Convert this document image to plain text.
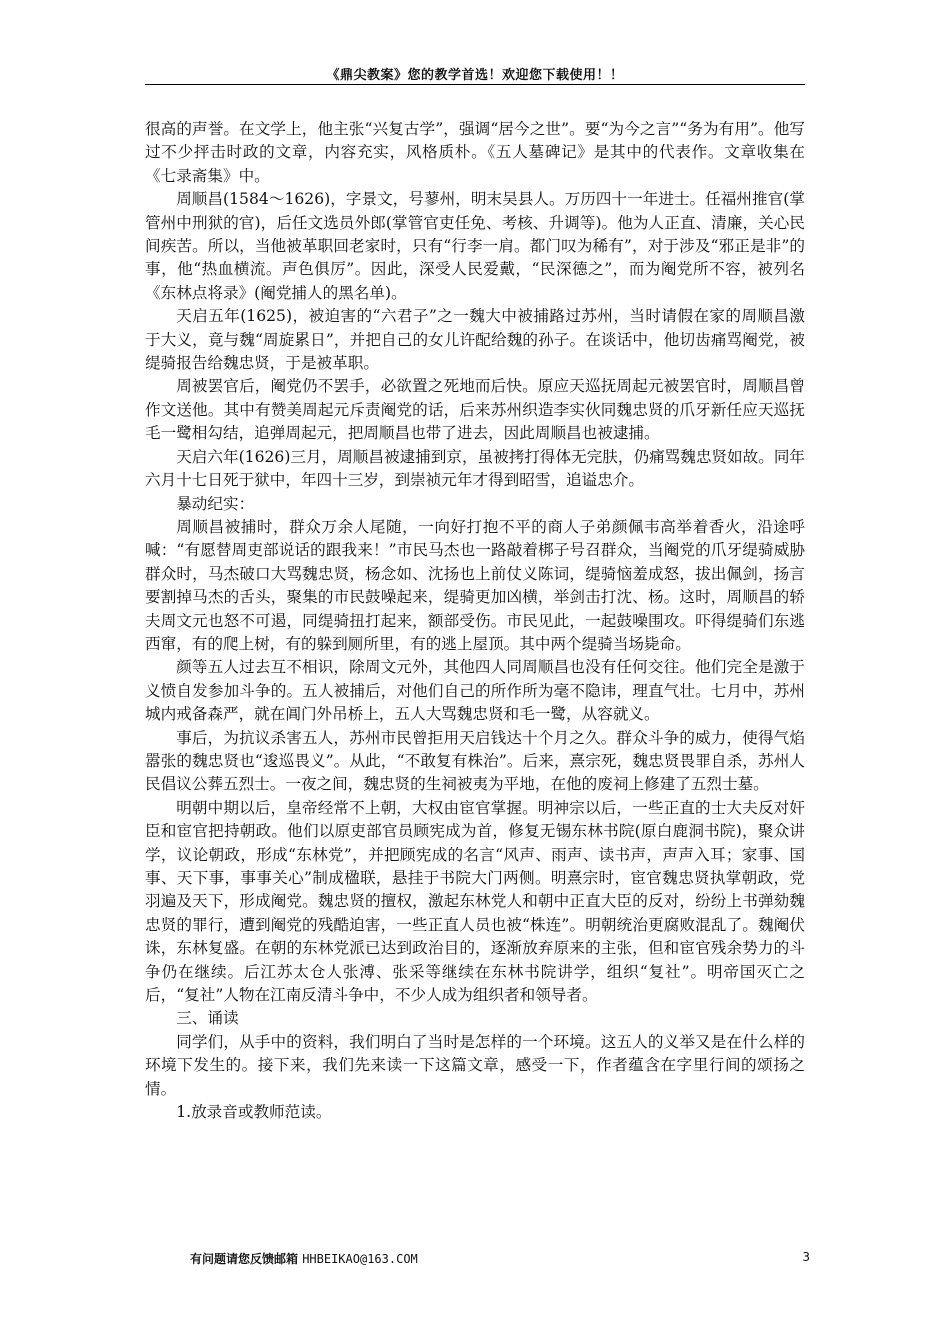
《鼎尖教案》您的教学首选！欢迎您下载使用！！

很高的声誉。在文学上，他主张“兴复古学”，强调“居今之世”。要“为今之言”“务为有用”。他写过不少抨击时政的文章，内容充实，风格质朴。《五人墓碑记》是其中的代表作。文章收集在《七录斋集》中。

周顺昌(1584～1626)，字景文，号蓼州，明末吴县人。万历四十一年进士。任福州推官(掌管州中刑狱的官)，后任文选员外郎(掌管官吏任免、考核、升调等)。他为人正直、清廉，关心民间疾苦。所以，当他被革职回老家时，只有“行李一肩。都门叹为稀有”，对于涉及“邪正是非”的事，他“热血横流。声色俱厉”。因此，深受人民爱戴，“民深德之”，而为阉党所不容，被列名《东林点将录》(阉党捕人的黑名单)。

天启五年(1625)，被迫害的“六君子”之一魏大中被捕路过苏州，当时请假在家的周顺昌激于大义，竟与魏“周旋累日”，并把自己的女儿许配给魏的孙子。在谈话中，他切齿痛骂阉党，被缇骑报告给魏忠贤，于是被革职。

周被罢官后，阉党仍不罢手，必欲置之死地而后快。原应天巡抚周起元被罢官时，周顺昌曾作文送他。其中有赞美周起元斥责阉党的话，后来苏州织造李实伙同魏忠贤的爪牙新任应天巡抚毛一鹭相勾结，追弹周起元，把周顺昌也带了进去，因此周顺昌也被逮捕。

天启六年(1626)三月，周顺昌被逮捕到京，虽被拷打得体无完肤，仍痛骂魏忠贤如故。同年六月十七日死于狱中，年四十三岁，到崇祯元年才得到昭雪，追谥忠介。

暴动纪实：

周顺昌被捕时，群众万余人尾随，一向好打抱不平的商人子弟颜佩韦高举着香火，沿途呼喊：“有愿替周吏部说话的跟我来！”市民马杰也一路敲着梆子号召群众，当阉党的爪牙缇骑威胁群众时，马杰破口大骂魏忠贤，杨念如、沈扬也上前仗义陈词，缇骑恼羞成怒，拔出佩剑，扬言要割掉马杰的舌头，聚集的市民鼓噪起来，缇骑更加凶横，举剑击打沈、杨。这时，周顺昌的轿夫周文元也怒不可遏，同缇骑扭打起来，额部受伤。市民见此，一起鼓噪围攻。吓得缇骑们东逃西窜，有的爬上树，有的躲到厕所里，有的逃上屋顶。其中两个缇骑当场毙命。

颜等五人过去互不相识，除周文元外，其他四人同周顺昌也没有任何交往。他们完全是激于义愤自发参加斗争的。五人被捕后，对他们自己的所作所为毫不隐讳，理直气壮。七月中，苏州城内戒备森严，就在阊门外吊桥上，五人大骂魏忠贤和毛一鹭，从容就义。

事后，为抗议杀害五人，苏州市民曾拒用天启钱达十个月之久。群众斗争的威力，使得气焰嚣张的魏忠贤也“逡巡畏义”。从此，“不敢复有株治”。后来，熹宗死，魏忠贤畏罪自杀，苏州人民倡议公葬五烈士。一夜之间，魏忠贤的生祠被夷为平地，在他的废祠上修建了五烈士墓。

明朝中期以后，皇帝经常不上朝，大权由宦官掌握。明神宗以后，一些正直的士大夫反对奸臣和宦官把持朝政。他们以原吏部官员顾宪成为首，修复无锡东林书院(原白鹿洞书院)，聚众讲学，议论朝政，形成“东林党”，并把顾宪成的名言“风声、雨声、读书声，声声入耳；家事、国事、天下事，事事关心”制成楹联，悬挂于书院大门两侧。明熹宗时，宦官魏忠贤执掌朝政，党羽遍及天下，形成阉党。魏忠贤的擅权，激起东林党人和朝中正直大臣的反对，纷纷上书弹劾魏忠贤的罪行，遭到阉党的残酷迫害，一些正直人员也被“株连”。明朝统治更腐败混乱了。魏阉伏诛，东林复盛。在朝的东林党派已达到政治目的，逐渐放弃原来的主张，但和宦官残余势力的斗争仍在继续。后江苏太仓人张溥、张采等继续在东林书院讲学，组织“复社”。明帝国灭亡之后，“复社”人物在江南反清斗争中，不少人成为组织者和领导者。

三、诵读

同学们，从手中的资料，我们明白了当时是怎样的一个环境。这五人的义举又是在什么样的环境下发生的。接下来，我们先来读一下这篇文章，感受一下，作者蕴含在字里行间的颂扬之情。

1.放录音或教师范读。

有问题请您反馈邮箱 HHBEIKAO@163.COM	3
